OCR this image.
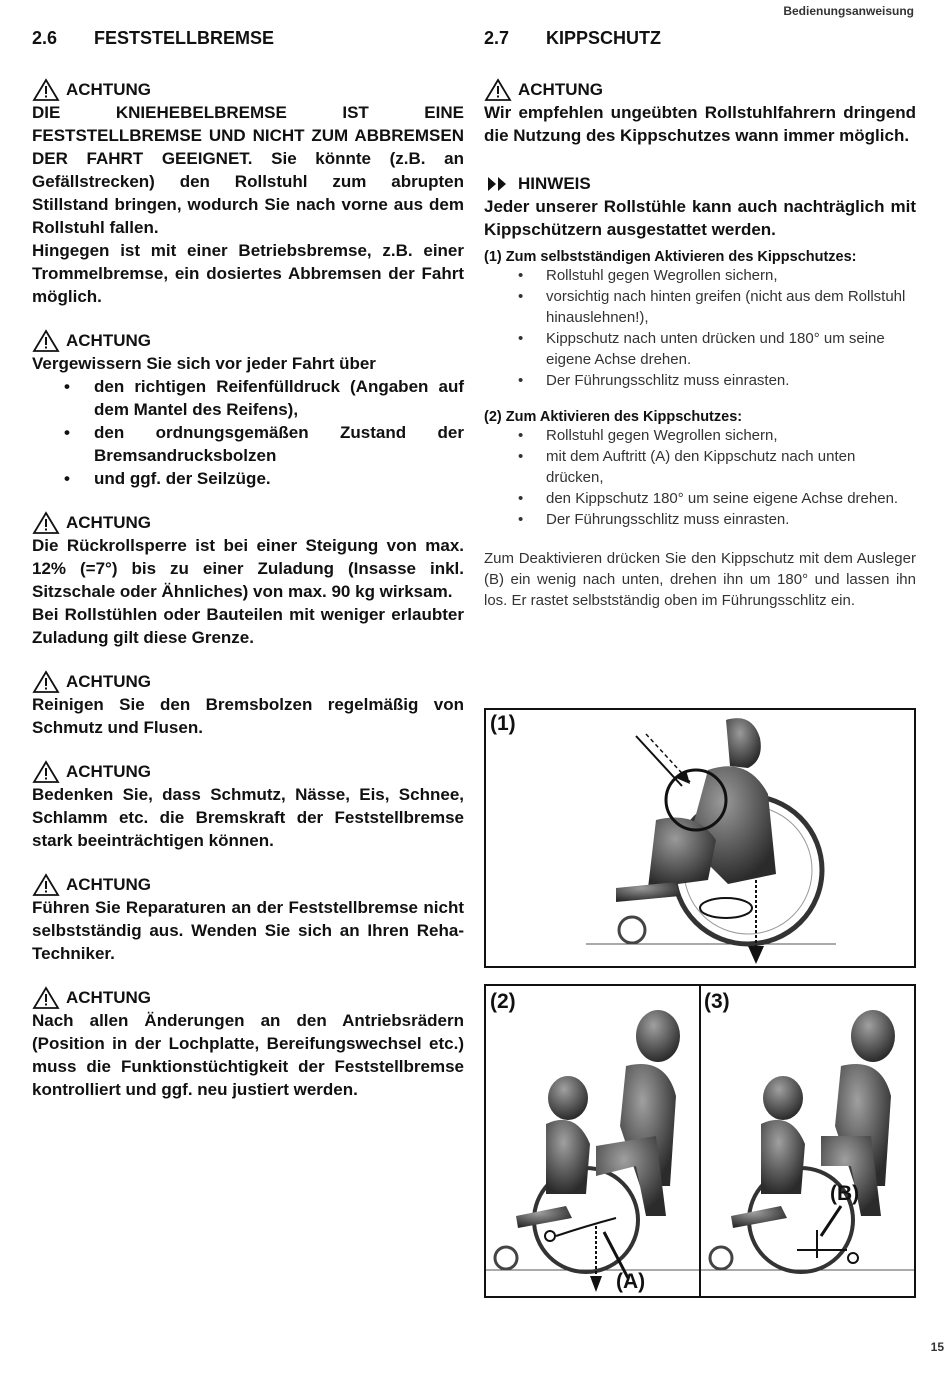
Bedienungsanweisung
2.6	FESTSTELLBREMSE
ACHTUNG

DIE KNIEHEBELBREMSE IST EINE FESTSTELLBREMSE UND NICHT ZUM ABBREMSEN DER FAHRT GEEIGNET. Sie könnte (z.B. an Gefällstrecken) den Rollstuhl zum abrupten Stillstand bringen, wodurch Sie nach vorne aus dem Rollstuhl fallen.

Hingegen ist mit einer Betriebsbremse, z.B. einer Trommelbremse, ein dosiertes Abbremsen der Fahrt möglich.

ACHTUNG

Vergewissern Sie sich vor jeder Fahrt über

• den richtigen Reifenfülldruck (Angaben auf dem Mantel des Reifens),
• den ordnungsgemäßen Zustand der Bremsandrucksbolzen
• und ggf. der Seilzüge.
ACHTUNG

Die Rückrollsperre ist bei einer Steigung von max. 12% (=7°) bis zu einer Zuladung (Insasse inkl. Sitzschale oder Ähnliches) von max. 90 kg wirksam.

Bei Rollstühlen oder Bauteilen mit weniger erlaubter Zuladung gilt diese Grenze.

ACHTUNG

Reinigen Sie den Bremsbolzen regelmäßig von Schmutz und Flusen.

ACHTUNG

Bedenken Sie, dass Schmutz, Nässe, Eis, Schnee, Schlamm etc. die Bremskraft der Feststellbremse stark beeinträchtigen können.

ACHTUNG

Führen Sie Reparaturen an der Feststellbremse nicht selbstständig aus. Wenden Sie sich an Ihren Reha-Techniker.

ACHTUNG

Nach allen Änderungen an den Antriebsrädern (Position in der Lochplatte, Bereifungswechsel etc.) muss die Funktionstüchtigkeit der Feststellbremse kontrolliert und ggf. neu justiert werden.

2.7	KIPPSCHUTZ
ACHTUNG

Wir empfehlen ungeübten Rollstuhlfahrern dringend die Nutzung des Kippschutzes wann immer möglich.

HINWEIS

Jeder unserer Rollstühle kann auch nachträglich mit Kippschützern ausgestattet werden.

(1) Zum selbstständigen Aktivieren des Kippschutzes:
• Rollstuhl gegen Wegrollen sichern,
• vorsichtig nach hinten greifen (nicht aus dem Rollstuhl hinauslehnen!),
• Kippschutz nach unten drücken und 180° um seine eigene Achse drehen.
• Der Führungsschlitz muss einrasten.
(2) Zum Aktivieren des Kippschutzes:
• Rollstuhl gegen Wegrollen sichern,
• mit dem Auftritt (A) den Kippschutz nach unten drücken,
• den Kippschutz 180° um seine eigene Achse drehen.
• Der Führungsschlitz muss einrasten.

Zum Deaktivieren drücken Sie den Kippschutz mit dem Ausleger (B) ein wenig nach unten, drehen ihn um 180° und lassen ihn los. Er rastet selbstständig oben im Führungsschlitz ein.

(1)
(2)	(3)
(A)
(B)
15
